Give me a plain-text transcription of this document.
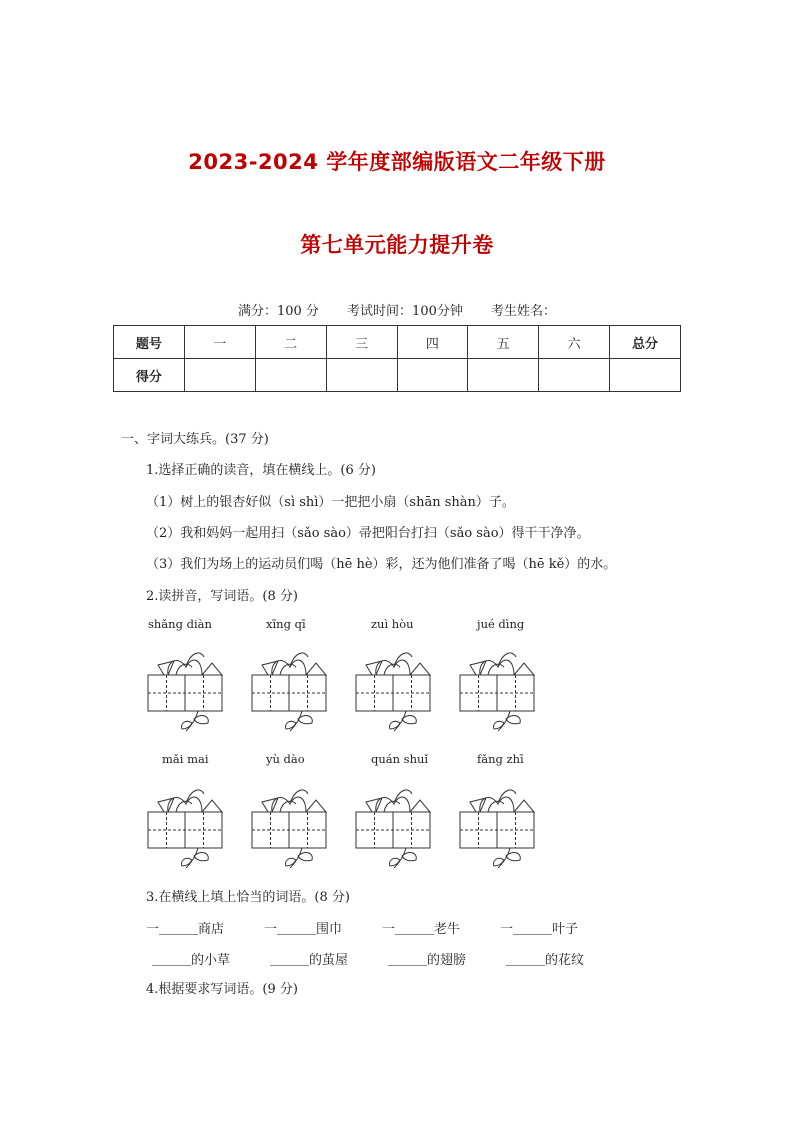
2023-2024 学年度部编版语文二年级下册
第七单元能力提升卷
满分：100 分 考试时间：100分钟 考生姓名：
题号	一	二	三	四	五	六	总分
得分							
一、字词大练兵。(37 分)
1.选择正确的读音，填在横线上。(6 分)
（1）树上的银杏好似（sì shì）一把把小扇（shān shàn）子。
（2）我和妈妈一起用扫（sǎo sào）帚把阳台打扫（sǎo sào）得干干净净。
（3）我们为场上的运动员们喝（hē hè）彩，还为他们准备了喝（hē kě）的水。
2.读拼音，写词语。(8 分)
shǎng diàn	xīng qī	zuì hòu	jué dìng
mǎi mai	yù dào	quán shuǐ	fǎng zhī
3.在横线上填上恰当的词语。(8 分)
一＿＿＿商店	一＿＿＿围巾	一＿＿＿老牛	一＿＿＿叶子
＿＿＿的小草	＿＿＿的茧屋	＿＿＿的翅膀	＿＿＿的花纹
4.根据要求写词语。(9 分)
